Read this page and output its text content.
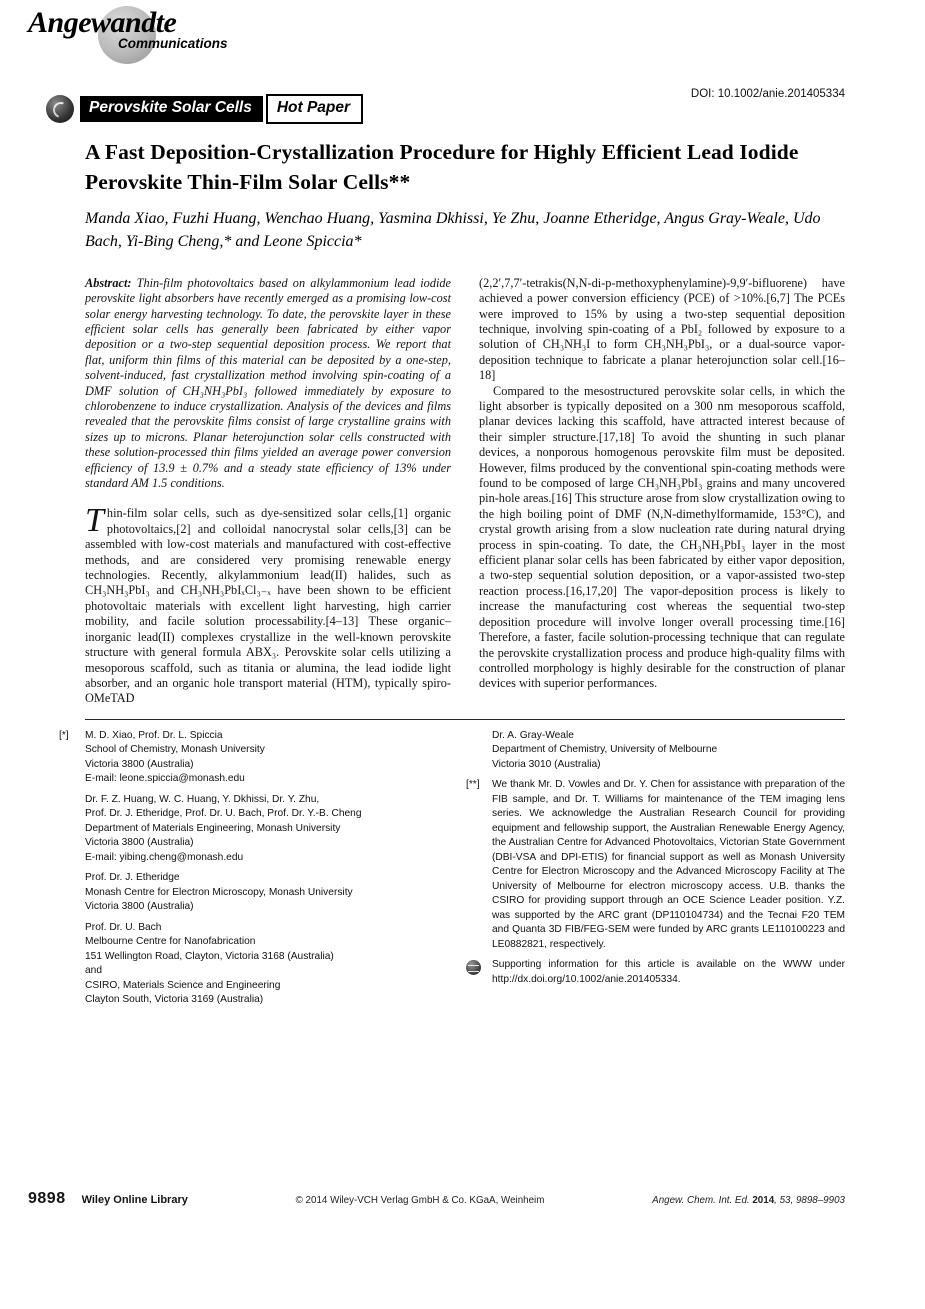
Angewandte
Communications
DOI: 10.1002/anie.201405334
Perovskite Solar Cells	Hot Paper
A Fast Deposition-Crystallization Procedure for Highly Efficient Lead Iodide Perovskite Thin-Film Solar Cells**
Manda Xiao, Fuzhi Huang, Wenchao Huang, Yasmina Dkhissi, Ye Zhu, Joanne Etheridge, Angus Gray-Weale, Udo Bach, Yi-Bing Cheng,* and Leone Spiccia*

Abstract: Thin-film photovoltaics based on alkylammonium lead iodide perovskite light absorbers have recently emerged as a promising low-cost solar energy harvesting technology. To date, the perovskite layer in these efficient solar cells has generally been fabricated by either vapor deposition or a two-step sequential deposition process. We report that flat, uniform thin films of this material can be deposited by a one-step, solvent-induced, fast crystallization method involving spin-coating of a DMF solution of CH₃NH₃PbI₃ followed immediately by exposure to chlorobenzene to induce crystallization. Analysis of the devices and films revealed that the perovskite films consist of large crystalline grains with sizes up to microns. Planar heterojunction solar cells constructed with these solution-processed thin films yielded an average power conversion efficiency of 13.9 ± 0.7% and a steady state efficiency of 13% under standard AM 1.5 conditions.

Thin-film solar cells, such as dye-sensitized solar cells,[1] organic photovoltaics,[2] and colloidal nanocrystal solar cells,[3] can be assembled with low-cost materials and manufactured with cost-effective methods, and are considered very promising renewable energy technologies. Recently, alkylammonium lead(II) halides, such as CH₃NH₃PbI₃ and CH₃NH₃PbIₓCl₃₋ₓ have been shown to be efficient photovoltaic materials with excellent light harvesting, high carrier mobility, and facile solution processability.[4–13] These organic–inorganic lead(II) complexes crystallize in the well-known perovskite structure with general formula ABX₃. Perovskite solar cells utilizing a mesoporous scaffold, such as titania or alumina, the lead iodide light absorber, and an organic hole transport material (HTM), typically spiro-OMeTAD

(2,2′,7,7′-tetrakis(N,N-di-p-methoxyphenylamine)-9,9′-bifluorene) have achieved a power conversion efficiency (PCE) of >10%.[6,7] The PCEs were improved to 15% by using a two-step sequential deposition technique, involving spin-coating of a PbI₂ followed by exposure to a solution of CH₃NH₃I to form CH₃NH₃PbI₃, or a dual-source vapor-deposition technique to fabricate a planar heterojunction solar cell.[16–18]

Compared to the mesostructured perovskite solar cells, in which the light absorber is typically deposited on a 300 nm mesoporous scaffold, planar devices lacking this scaffold, have attracted interest because of their simpler structure.[17,18] To avoid the shunting in such planar devices, a nonporous homogenous perovskite film must be deposited. However, films produced by the conventional spin-coating methods were found to be composed of large CH₃NH₃PbI₃ grains and many uncovered pin-hole areas.[16] This structure arose from slow crystallization owing to the high boiling point of DMF (N,N-dimethylformamide, 153°C), and crystal growth arising from a slow nucleation rate during natural drying process in spin-coating. To date, the CH₃NH₃PbI₃ layer in the most efficient planar solar cells has been fabricated by either vapor deposition, a two-step sequential solution deposition, or a vapor-assisted two-step reaction process.[16,17,20] The vapor-deposition process is likely to increase the manufacturing cost whereas the sequential two-step deposition procedure will involve longer overall processing time.[16] Therefore, a faster, facile solution-processing technique that can regulate the perovskite crystallization process and produce high-quality films with controlled morphology is highly desirable for the construction of planar devices with superior performances.

[*]	M. D. Xiao, Prof. Dr. L. Spiccia
School of Chemistry, Monash University
Victoria 3800 (Australia)
E-mail: leone.spiccia@monash.edu
Dr. F. Z. Huang, W. C. Huang, Y. Dkhissi, Dr. Y. Zhu,
Prof. Dr. J. Etheridge, Prof. Dr. U. Bach, Prof. Dr. Y.-B. Cheng
Department of Materials Engineering, Monash University
Victoria 3800 (Australia)
E-mail: yibing.cheng@monash.edu
Prof. Dr. J. Etheridge
Monash Centre for Electron Microscopy, Monash University
Victoria 3800 (Australia)
Prof. Dr. U. Bach
Melbourne Centre for Nanofabrication
151 Wellington Road, Clayton, Victoria 3168 (Australia)
and
CSIRO, Materials Science and Engineering
Clayton South, Victoria 3169 (Australia)
Dr. A. Gray-Weale
Department of Chemistry, University of Melbourne
Victoria 3010 (Australia)
[**]	We thank Mr. D. Vowles and Dr. Y. Chen for assistance with preparation of the FIB sample, and Dr. T. Williams for maintenance of the TEM imaging lens series. We acknowledge the Australian Research Council for providing equipment and fellowship support, the Australian Renewable Energy Agency, the Australian Centre for Advanced Photovoltaics, Victorian State Government (DBI-VSA and DPI-ETIS) for financial support as well as Monash University Centre for Electron Microscopy and the Advanced Microscopy Facility at The University of Melbourne for electron microscopy access. U.B. thanks the CSIRO for providing support through an OCE Science Leader position. Y.Z. was supported by the ARC grant (DP110104734) and the Tecnai F20 TEM and Quanta 3D FIB/FEG-SEM were funded by ARC grants LE110100223 and LE0882821, respectively.
Supporting information for this article is available on the WWW under http://dx.doi.org/10.1002/anie.201405334.
9898 Wiley Online Library	© 2014 Wiley-VCH Verlag GmbH & Co. KGaA, Weinheim	Angew. Chem. Int. Ed. 2014, 53, 9898–9903
